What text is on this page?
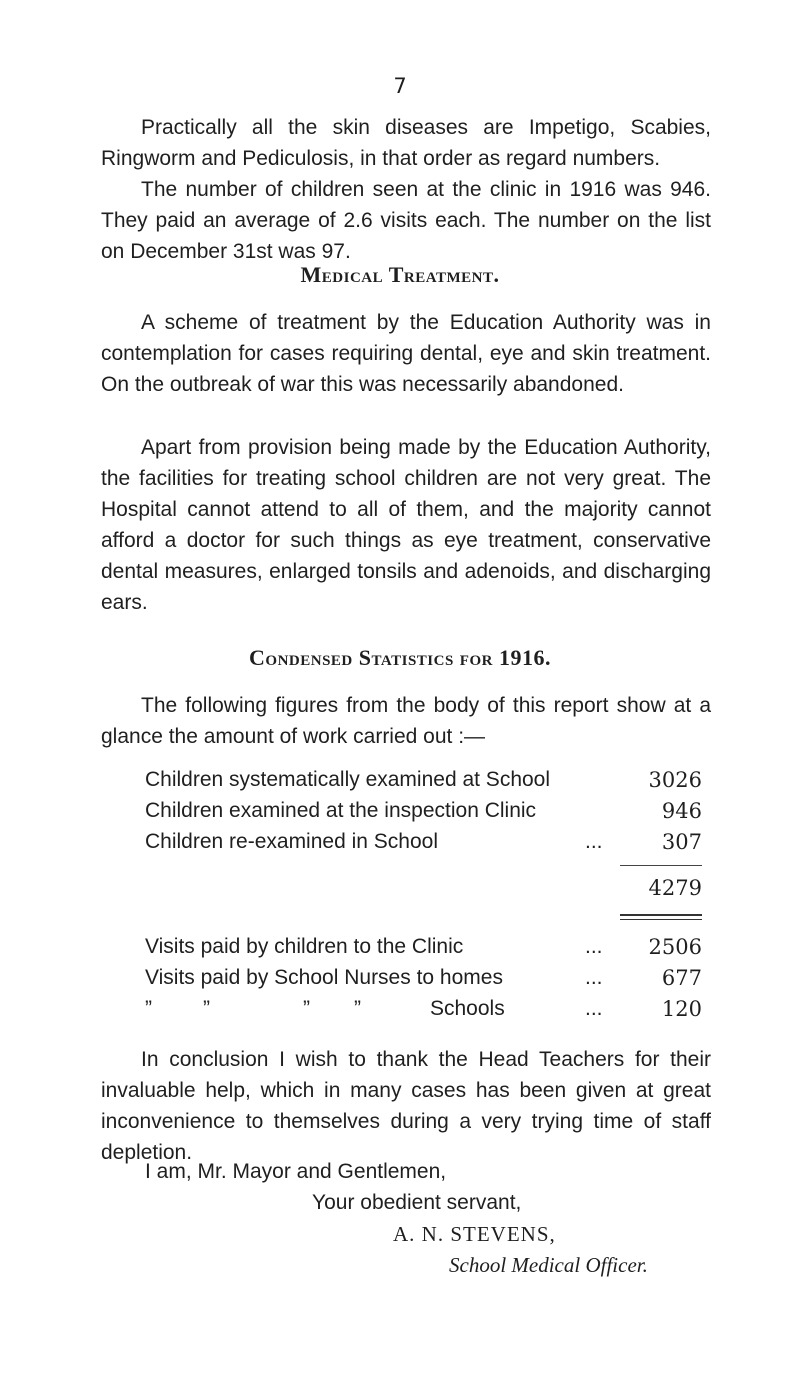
7

Practically all the skin diseases are Impetigo, Scabies, Ringworm and Pediculosis, in that order as regard numbers.

The number of children seen at the clinic in 1916 was 946. They paid an average of 2.6 visits each. The number on the list on December 31st was 97.

Medical Treatment.

A scheme of treatment by the Education Authority was in contemplation for cases requiring dental, eye and skin treatment. On the outbreak of war this was necessarily abandoned.

Apart from provision being made by the Education Authority, the facilities for treating school children are not very great. The Hospital cannot attend to all of them, and the majority cannot afford a doctor for such things as eye treatment, conservative dental measures, enlarged tonsils and adenoids, and discharging ears.

Condensed Statistics for 1916.

The following figures from the body of this report show at a glance the amount of work carried out :—

Children systematically examined at School	3026
Children examined at the inspection Clinic	946
Children re-examined in School	...	307
4279
Visits paid by children to the Clinic	... 2506
Visits paid by School Nurses to homes	...	677
” ”	” ”	Schools	...	120

In conclusion I wish to thank the Head Teachers for their invaluable help, which in many cases has been given at great inconvenience to themselves during a very trying time of staff depletion.

I am, Mr. Mayor and Gentlemen,

Your obedient servant,

A. N. STEVENS,

School Medical Officer.
